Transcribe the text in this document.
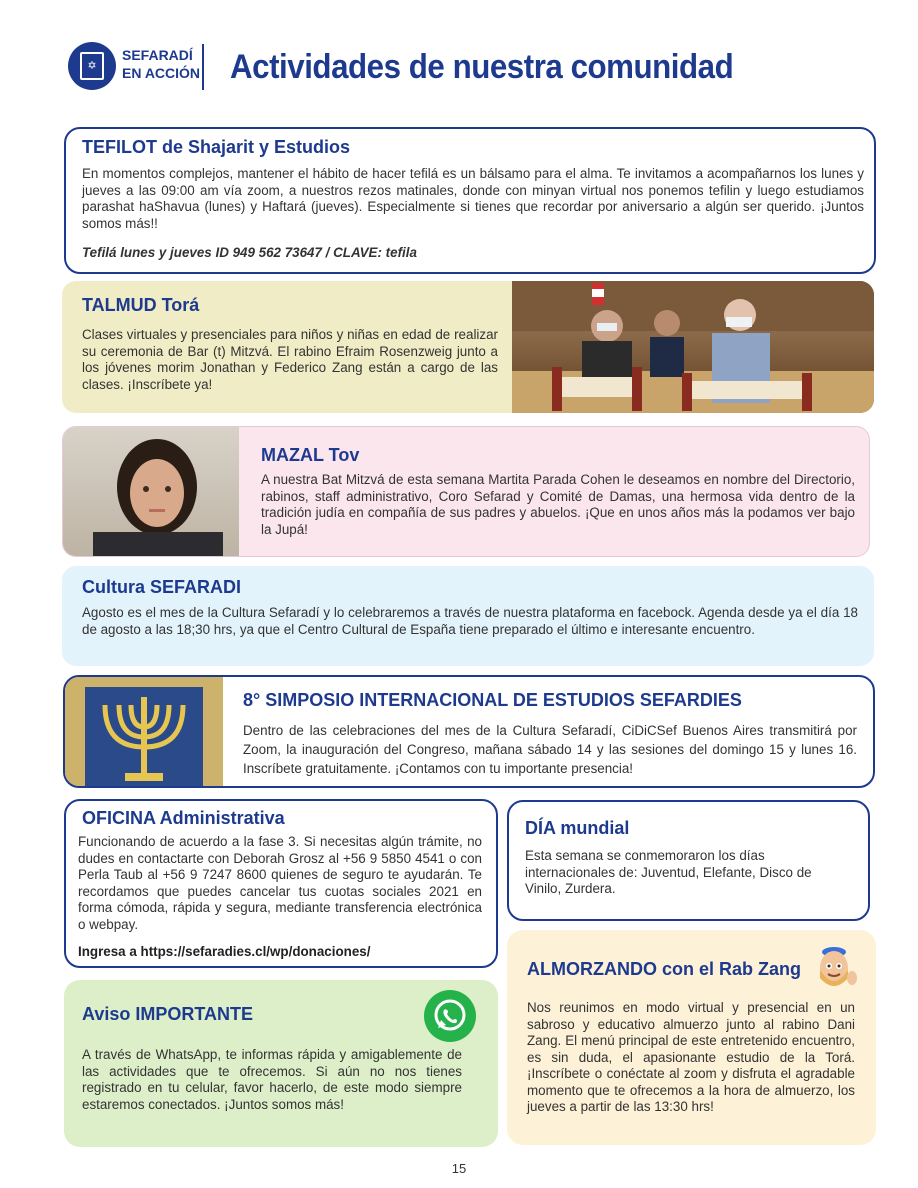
✡
SEFARADÍ
EN ACCIÓN Actividades de nuestra comunidad
TEFILOT de Shajarit y Estudios
En momentos complejos, mantener el hábito de hacer tefilá es un bálsamo para el alma. Te invitamos a acompañarnos los lunes y jueves a las 09:00 am vía zoom, a nuestros rezos matinales, donde con minyan virtual nos ponemos tefilin y luego estudiamos parashat haShavua (lunes) y Haftará (jueves). Especialmente si tienes que recordar por aniversario a algún ser querido. ¡Juntos somos más!!
Tefilá lunes y jueves ID 949 562 73647 / CLAVE: tefila
TALMUD Torá
Clases virtuales y presenciales para niños y niñas en edad de realizar su ceremonia de Bar (t) Mitzvá. El rabino Efraim Rosenzweig junto a los jóvenes morim Jonathan y Federico Zang están a cargo de las clases. ¡Inscríbete ya!
MAZAL Tov
A nuestra Bat Mitzvá de esta semana Martita Parada Cohen le deseamos en nombre del Directorio, rabinos, staff administrativo, Coro Sefarad y Comité de Damas, una hermosa vida dentro de la tradición judía en compañía de sus padres y abuelos. ¡Que en unos años más la podamos ver bajo la Jupá!
Cultura SEFARADI
Agosto es el mes de la Cultura Sefaradí y lo celebraremos a través de nuestra plataforma en facebock. Agenda desde ya el día 18 de agosto a las 18;30 hrs, ya que el Centro Cultural de España tiene preparado el último e interesante encuentro.
8° SIMPOSIO INTERNACIONAL DE ESTUDIOS SEFARDIES
Dentro de las celebraciones del mes de la Cultura Sefaradí, CiDiCSef Buenos Aires transmitirá por Zoom, la inauguración del Congreso, mañana sábado 14 y las sesiones del domingo 15 y lunes 16. Inscríbete gratuitamente. ¡Contamos con tu importante presencia!
OFICINA Administrativa
Funcionando de acuerdo a la fase 3. Si necesitas algún trámite, no dudes en contactarte con Deborah Grosz al +56 9 5850 4541 o con Perla Taub al +56 9 7247 8600 quienes de seguro te ayudarán. Te recordamos que puedes cancelar tus cuotas sociales 2021 en forma cómoda, rápida y segura, mediante transferencia electrónica o webpay.
Ingresa a https://sefaradies.cl/wp/donaciones/
DÍA mundial
Esta semana se conmemoraron los días internacionales de: Juventud, Elefante, Disco de Vinilo, Zurdera.
ALMORZANDO con el Rab Zang
Nos reunimos en modo virtual y presencial en un sabroso y educativo almuerzo junto al rabino Dani Zang. El menú principal de este entretenido encuentro, es sin duda, el apasionante estudio de la Torá. ¡Inscríbete o conéctate al zoom y disfruta el agradable momento que te ofrecemos a la hora de almuerzo, los jueves a partir de las 13:30 hrs!
Aviso IMPORTANTE
A través de WhatsApp, te informas rápida y amigablemente de las actividades que te ofrecemos. Si aún no nos tienes registrado en tu celular, favor hacerlo, de este modo siempre estaremos conectados. ¡Juntos somos más!
15
